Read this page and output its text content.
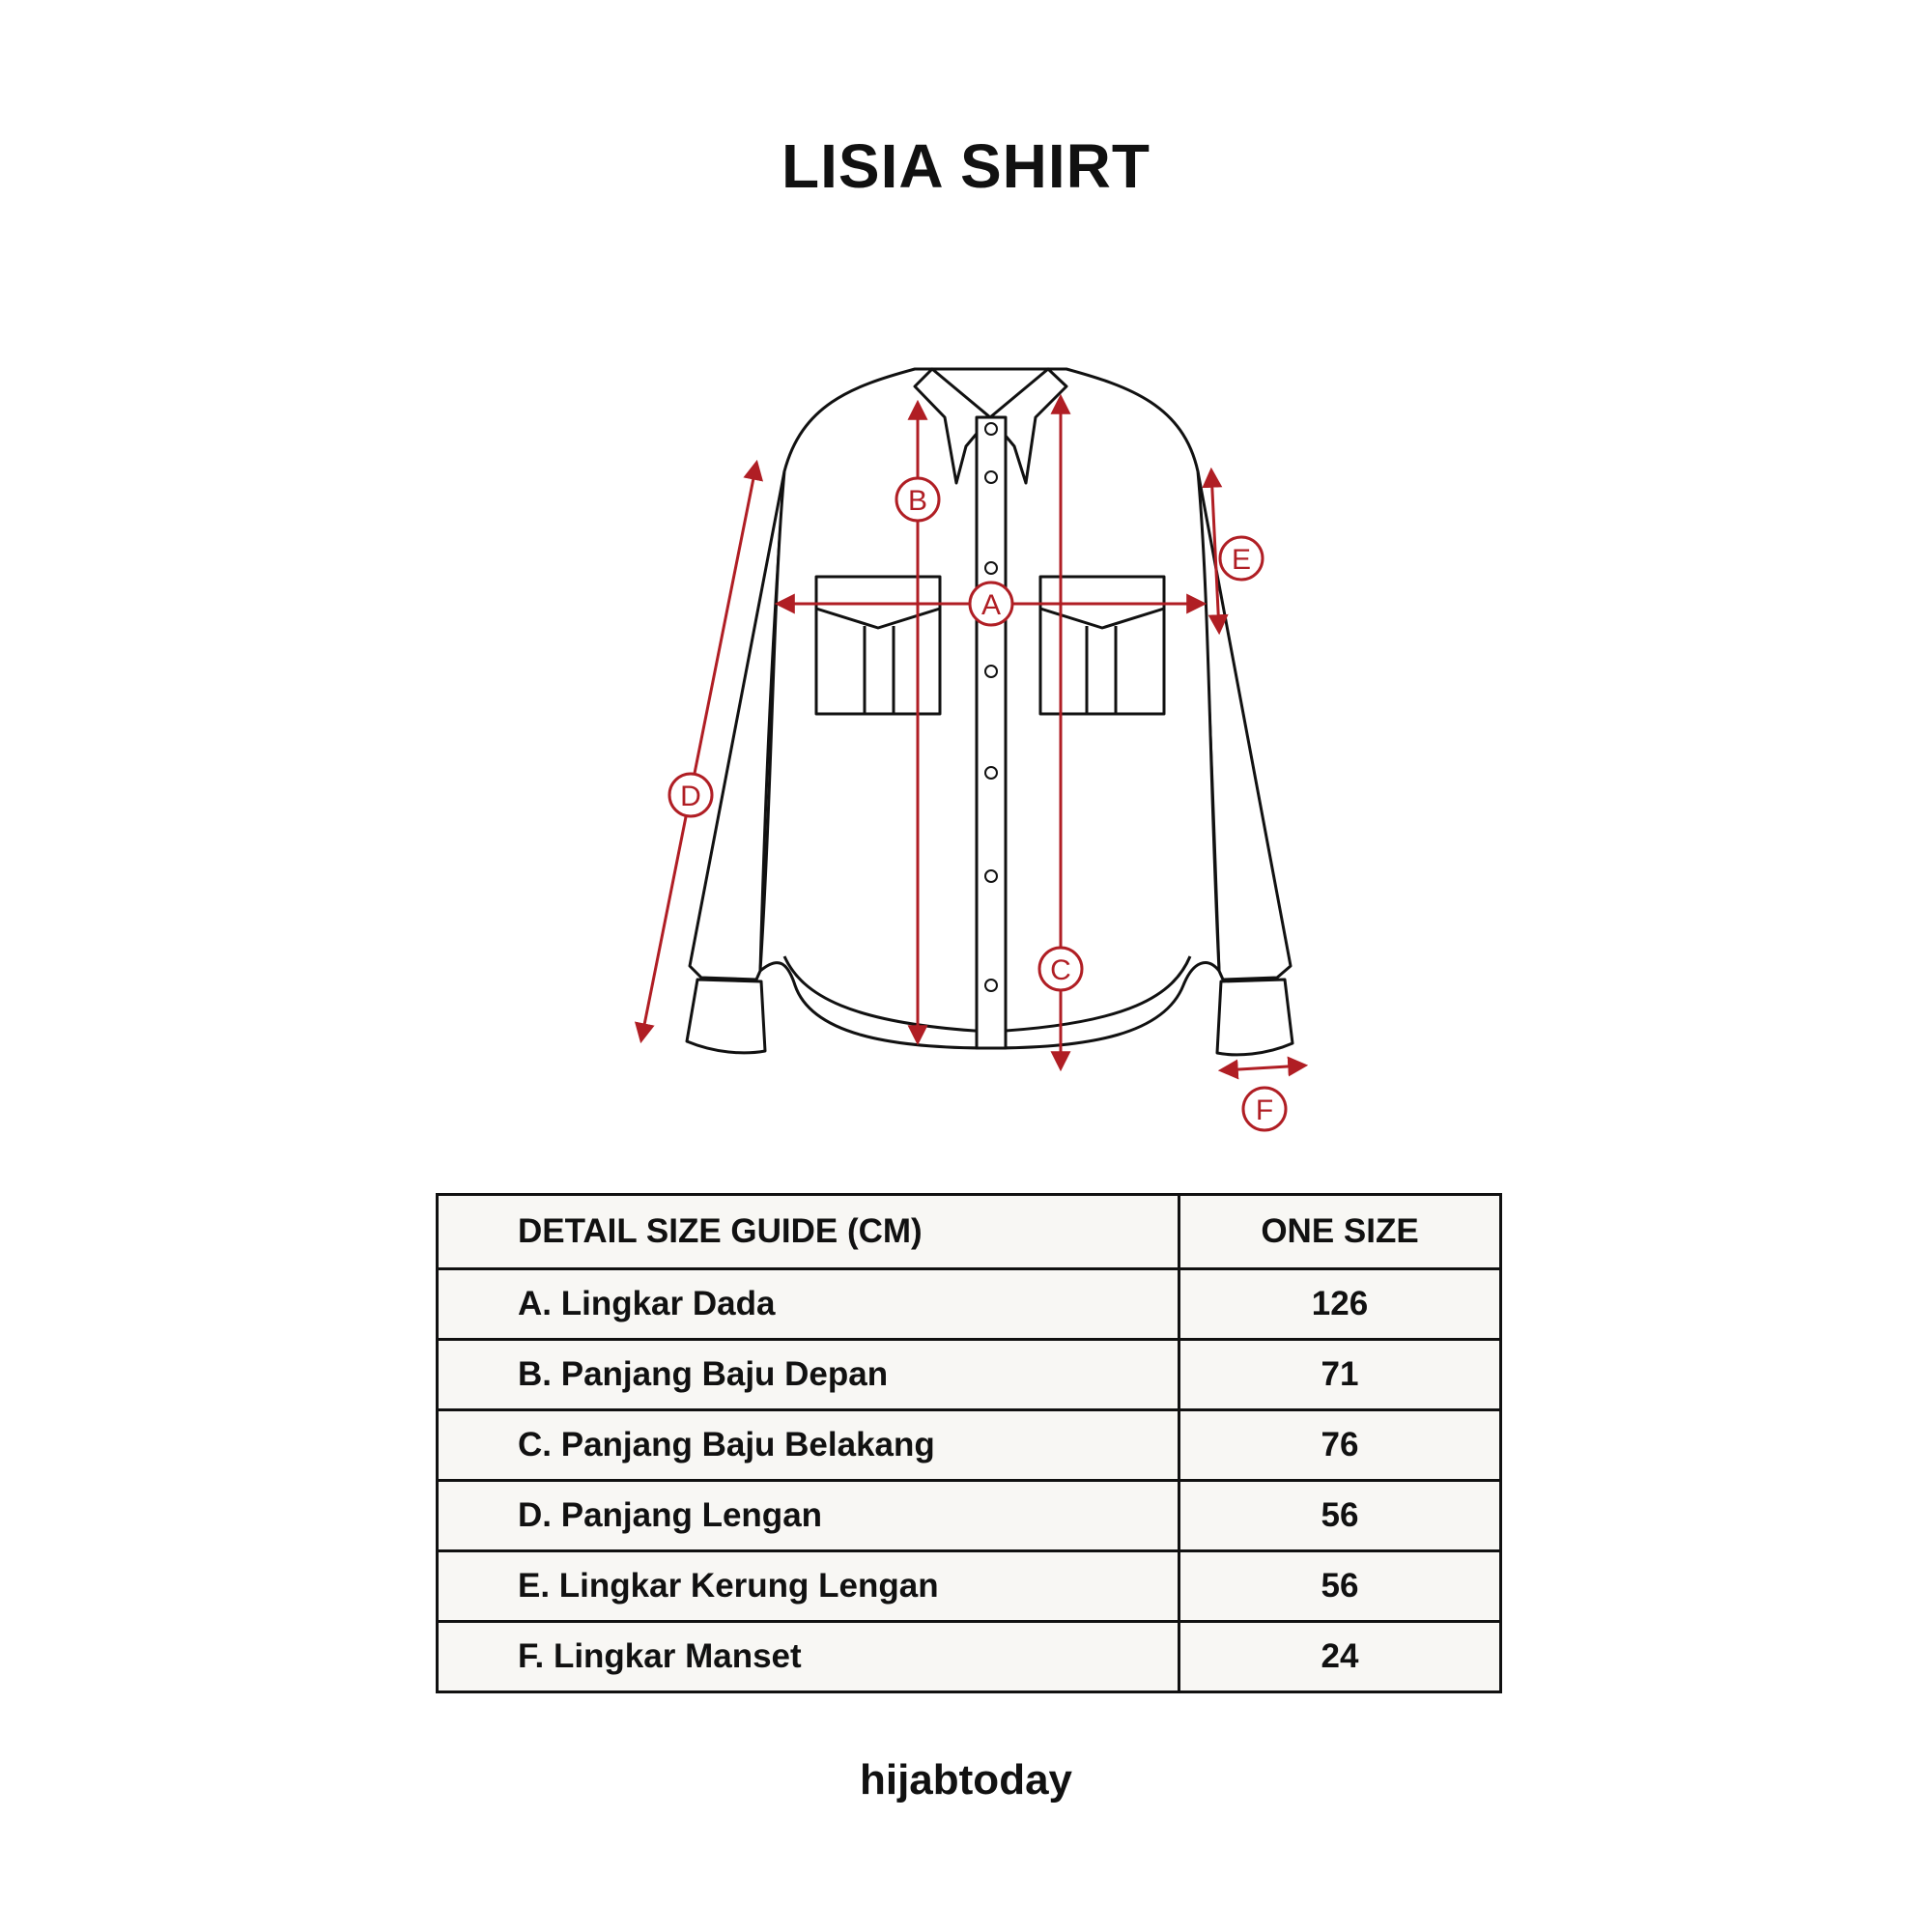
LISIA SHIRT
A
B
C
D
E
F
DETAIL SIZE GUIDE (CM)	ONE SIZE
A. Lingkar Dada	126
B. Panjang Baju Depan	71
C. Panjang Baju Belakang	76
D. Panjang Lengan	56
E. Lingkar Kerung Lengan	56
F. Lingkar Manset	24
hijabtoday
